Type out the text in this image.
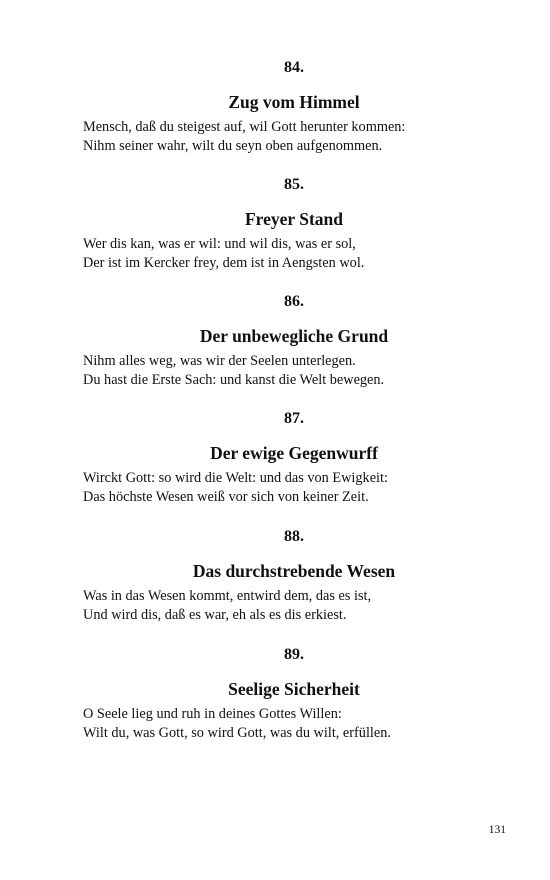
84.
Zug vom Himmel
Mensch, daß du steigest auf, wil Gott herunter kommen:
Nihm seiner wahr, wilt du seyn oben aufgenommen.
85.
Freyer Stand
Wer dis kan, was er wil: und wil dis, was er sol,
Der ist im Kercker frey, dem ist in Aengsten wol.
86.
Der unbewegliche Grund
Nihm alles weg, was wir der Seelen unterlegen.
Du hast die Erste Sach: und kanst die Welt bewegen.
87.
Der ewige Gegenwurff
Wirckt Gott: so wird die Welt: und das von Ewigkeit:
Das höchste Wesen weiß vor sich von keiner Zeit.
88.
Das durchstrebende Wesen
Was in das Wesen kommt, entwird dem, das es ist,
Und wird dis, daß es war, eh als es dis erkiest.
89.
Seelige Sicherheit
O Seele lieg und ruh in deines Gottes Willen:
Wilt du, was Gott, so wird Gott, was du wilt, erfüllen.
131
